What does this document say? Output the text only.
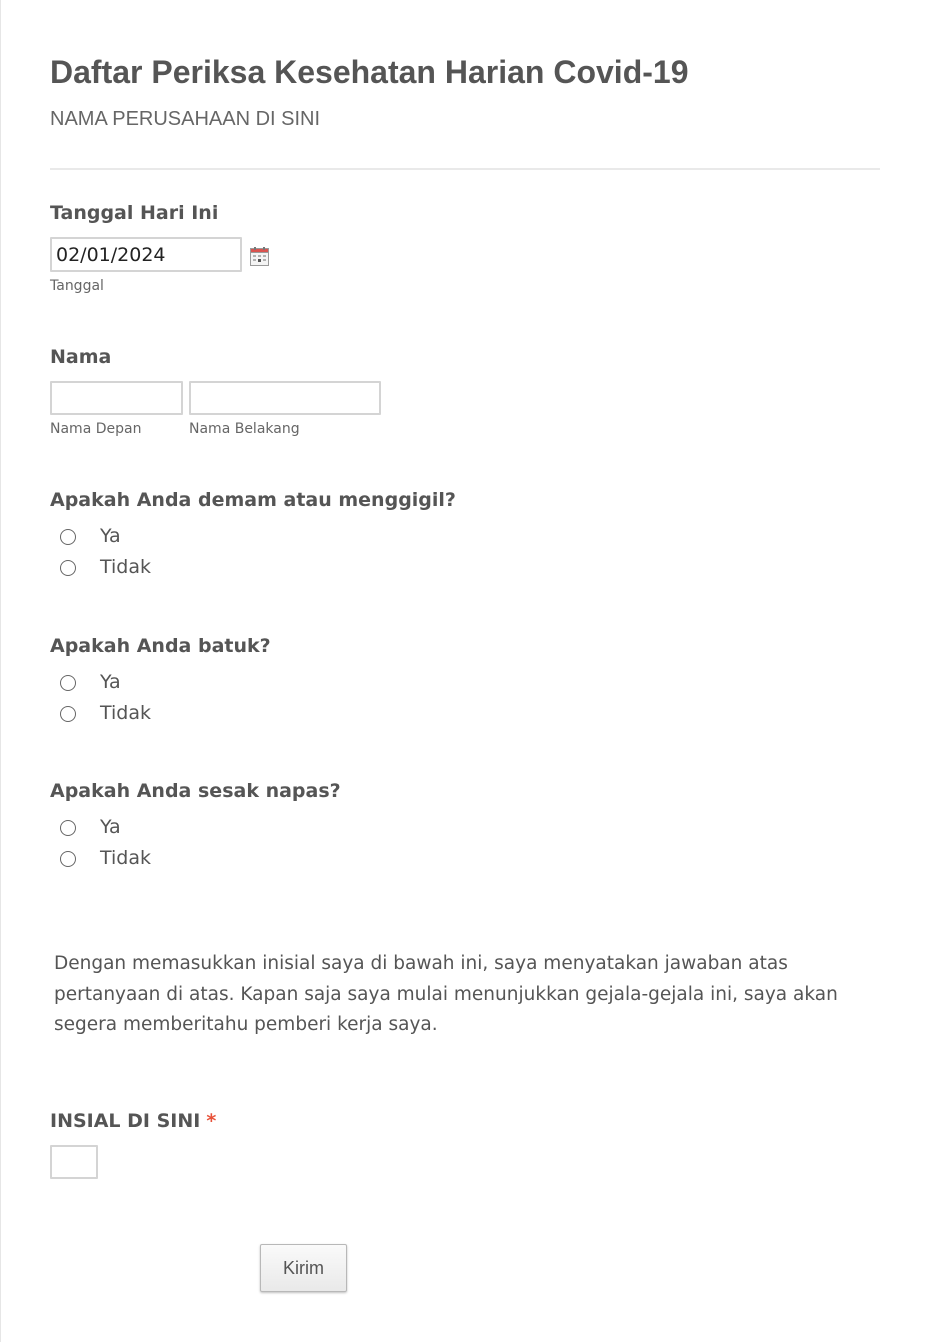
Daftar Periksa Kesehatan Harian Covid-19
NAMA PERUSAHAAN DI SINI
Tanggal Hari Ini
02/01/2024
Tanggal
Nama
Nama Depan	Nama Belakang
Apakah Anda demam atau menggigil?
Ya
Tidak
Apakah Anda batuk?
Ya
Tidak
Apakah Anda sesak napas?
Ya
Tidak
Dengan memasukkan inisial saya di bawah ini, saya menyatakan jawaban atas pertanyaan di atas. Kapan saja saya mulai menunjukkan gejala-gejala ini, saya akan segera memberitahu pemberi kerja saya.
INSIAL DI SINI *
Kirim
